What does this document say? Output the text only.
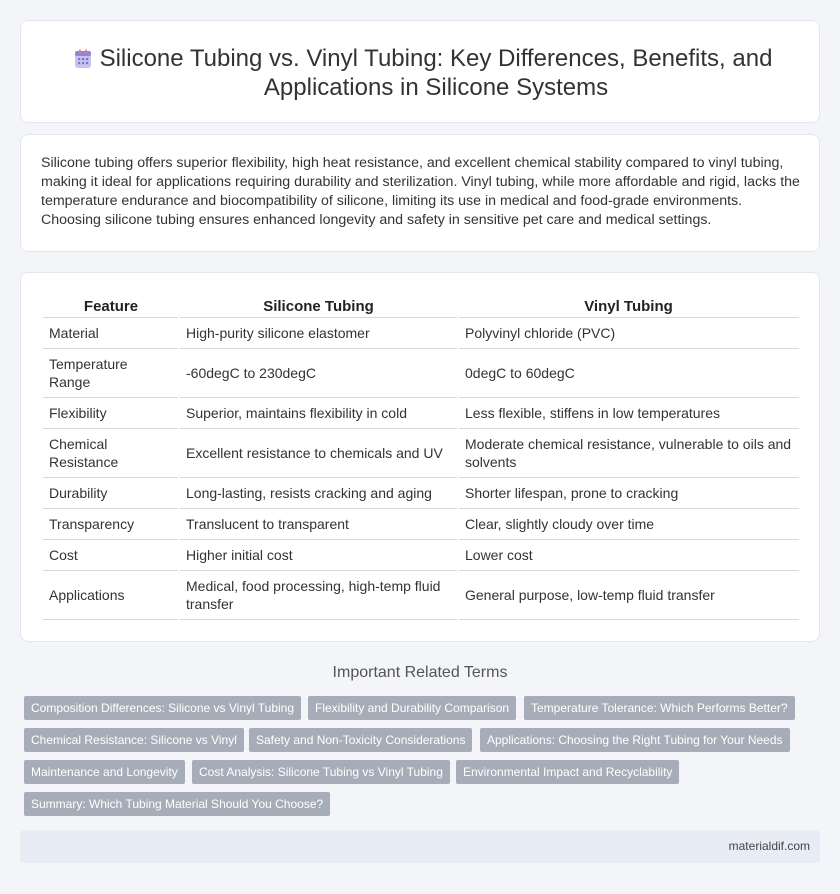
Silicone Tubing vs. Vinyl Tubing: Key Differences, Benefits, and Applications in Silicone Systems

Silicone tubing offers superior flexibility, high heat resistance, and excellent chemical stability compared to vinyl tubing, making it ideal for applications requiring durability and sterilization. Vinyl tubing, while more affordable and rigid, lacks the temperature endurance and biocompatibility of silicone, limiting its use in medical and food-grade environments. Choosing silicone tubing ensures enhanced longevity and safety in sensitive pet care and medical settings.

Feature	Silicone Tubing	Vinyl Tubing
Material	High-purity silicone elastomer	Polyvinyl chloride (PVC)
Temperature Range	-60degC to 230degC	0degC to 60degC
Flexibility	Superior, maintains flexibility in cold	Less flexible, stiffens in low temperatures
Chemical Resistance	Excellent resistance to chemicals and UV	Moderate chemical resistance, vulnerable to oils and solvents
Durability	Long-lasting, resists cracking and aging	Shorter lifespan, prone to cracking
Transparency	Translucent to transparent	Clear, slightly cloudy over time
Cost	Higher initial cost	Lower cost
Applications	Medical, food processing, high-temp fluid transfer	General purpose, low-temp fluid transfer
Important Related Terms
Composition Differences: Silicone vs Vinyl Tubing	Flexibility and Durability Comparison	Temperature Tolerance: Which Performs Better?
Chemical Resistance: Silicone vs Vinyl	Safety and Non-Toxicity Considerations	Applications: Choosing the Right Tubing for Your Needs
Maintenance and Longevity	Cost Analysis: Silicone Tubing vs Vinyl Tubing	Environmental Impact and Recyclability
Summary: Which Tubing Material Should You Choose?
materialdif.com
